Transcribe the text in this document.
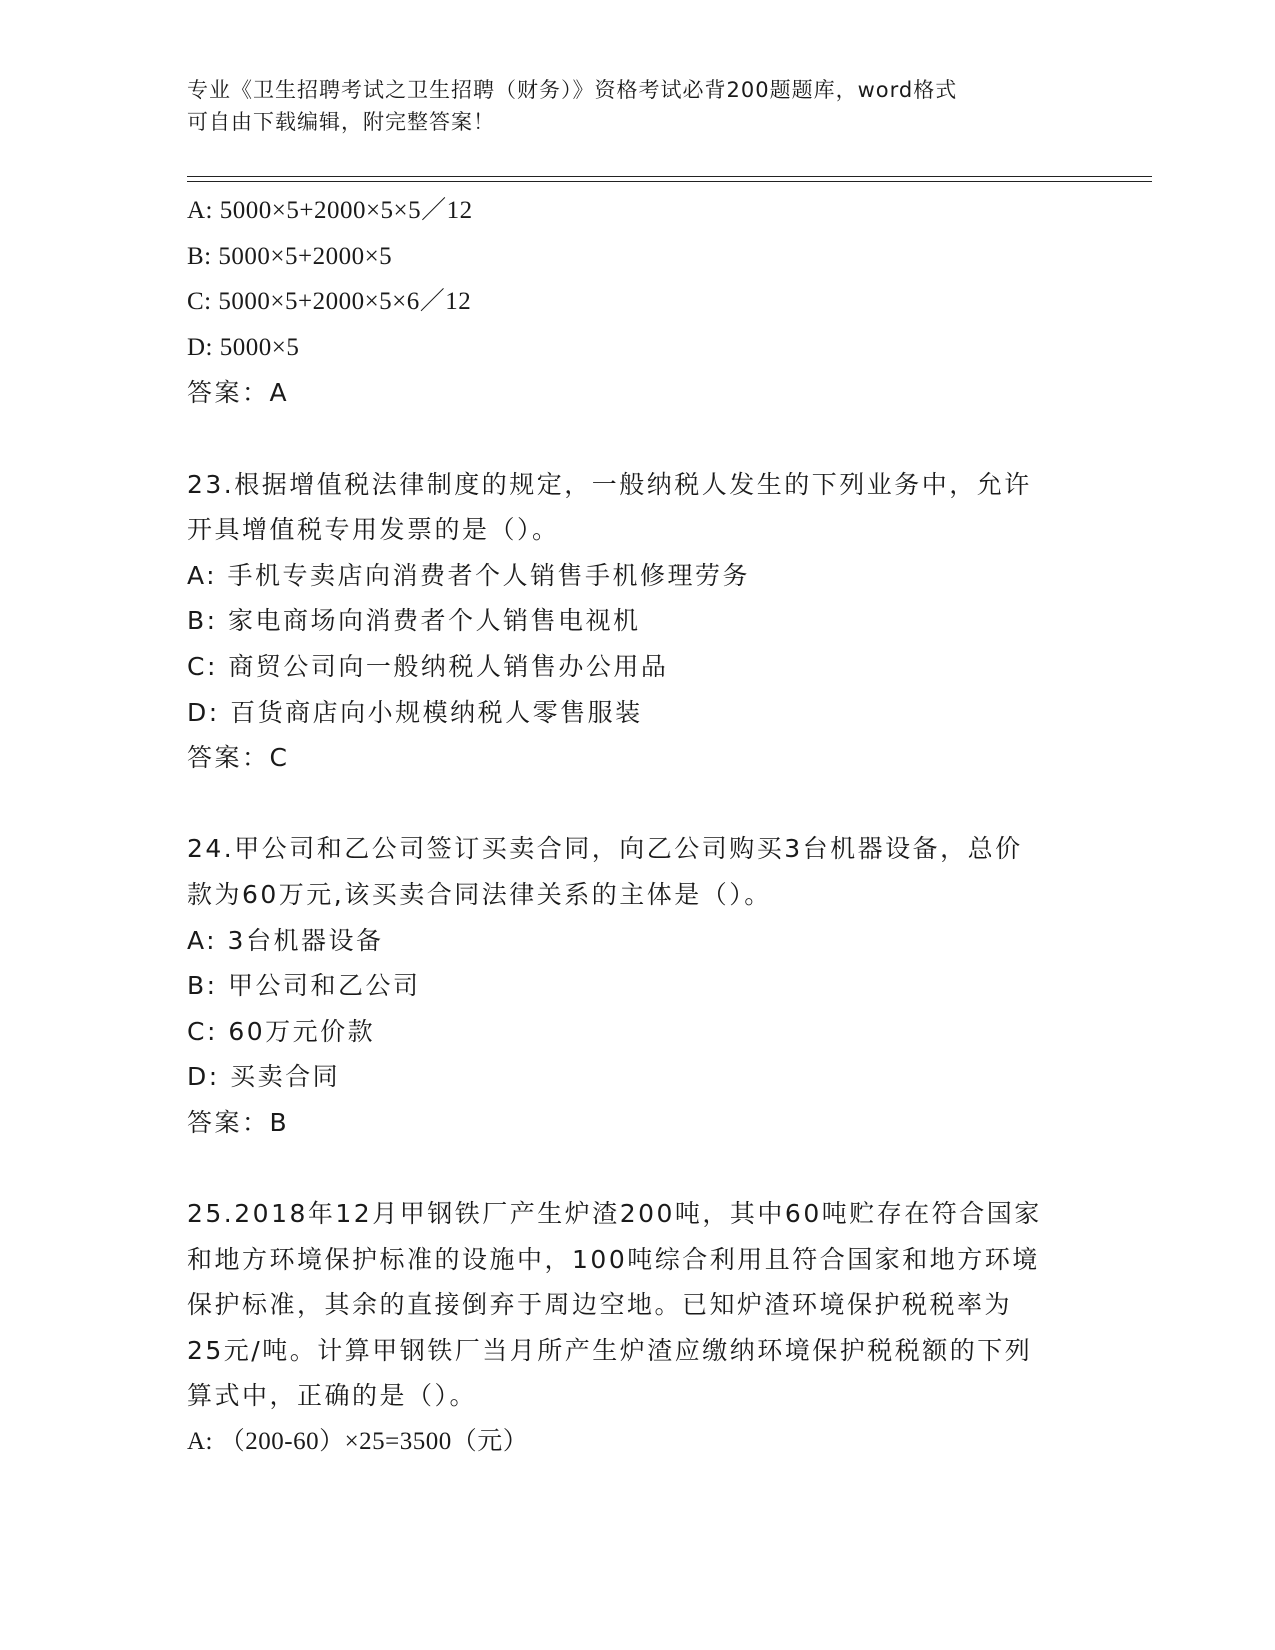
专业《卫生招聘考试之卫生招聘（财务）》资格考试必背200题题库，word格式
可自由下载编辑，附完整答案！
A: 5000×5+2000×5×5／12
B: 5000×5+2000×5
C: 5000×5+2000×5×6／12
D: 5000×5
答案：A
23.根据增值税法律制度的规定，一般纳税人发生的下列业务中，允许
开具增值税专用发票的是（）。
A: 手机专卖店向消费者个人销售手机修理劳务
B: 家电商场向消费者个人销售电视机
C: 商贸公司向一般纳税人销售办公用品
D: 百货商店向小规模纳税人零售服装
答案：C
24.甲公司和乙公司签订买卖合同，向乙公司购买3台机器设备，总价
款为60万元,该买卖合同法律关系的主体是（）。
A: 3台机器设备
B: 甲公司和乙公司
C: 60万元价款
D: 买卖合同
答案：B
25.2018年12月甲钢铁厂产生炉渣200吨，其中60吨贮存在符合国家
和地方环境保护标准的设施中，100吨综合利用且符合国家和地方环境
保护标准，其余的直接倒弃于周边空地。已知炉渣环境保护税税率为
25元/吨。计算甲钢铁厂当月所产生炉渣应缴纳环境保护税税额的下列
算式中，正确的是（）。
A: （200-60）×25=3500（元）
